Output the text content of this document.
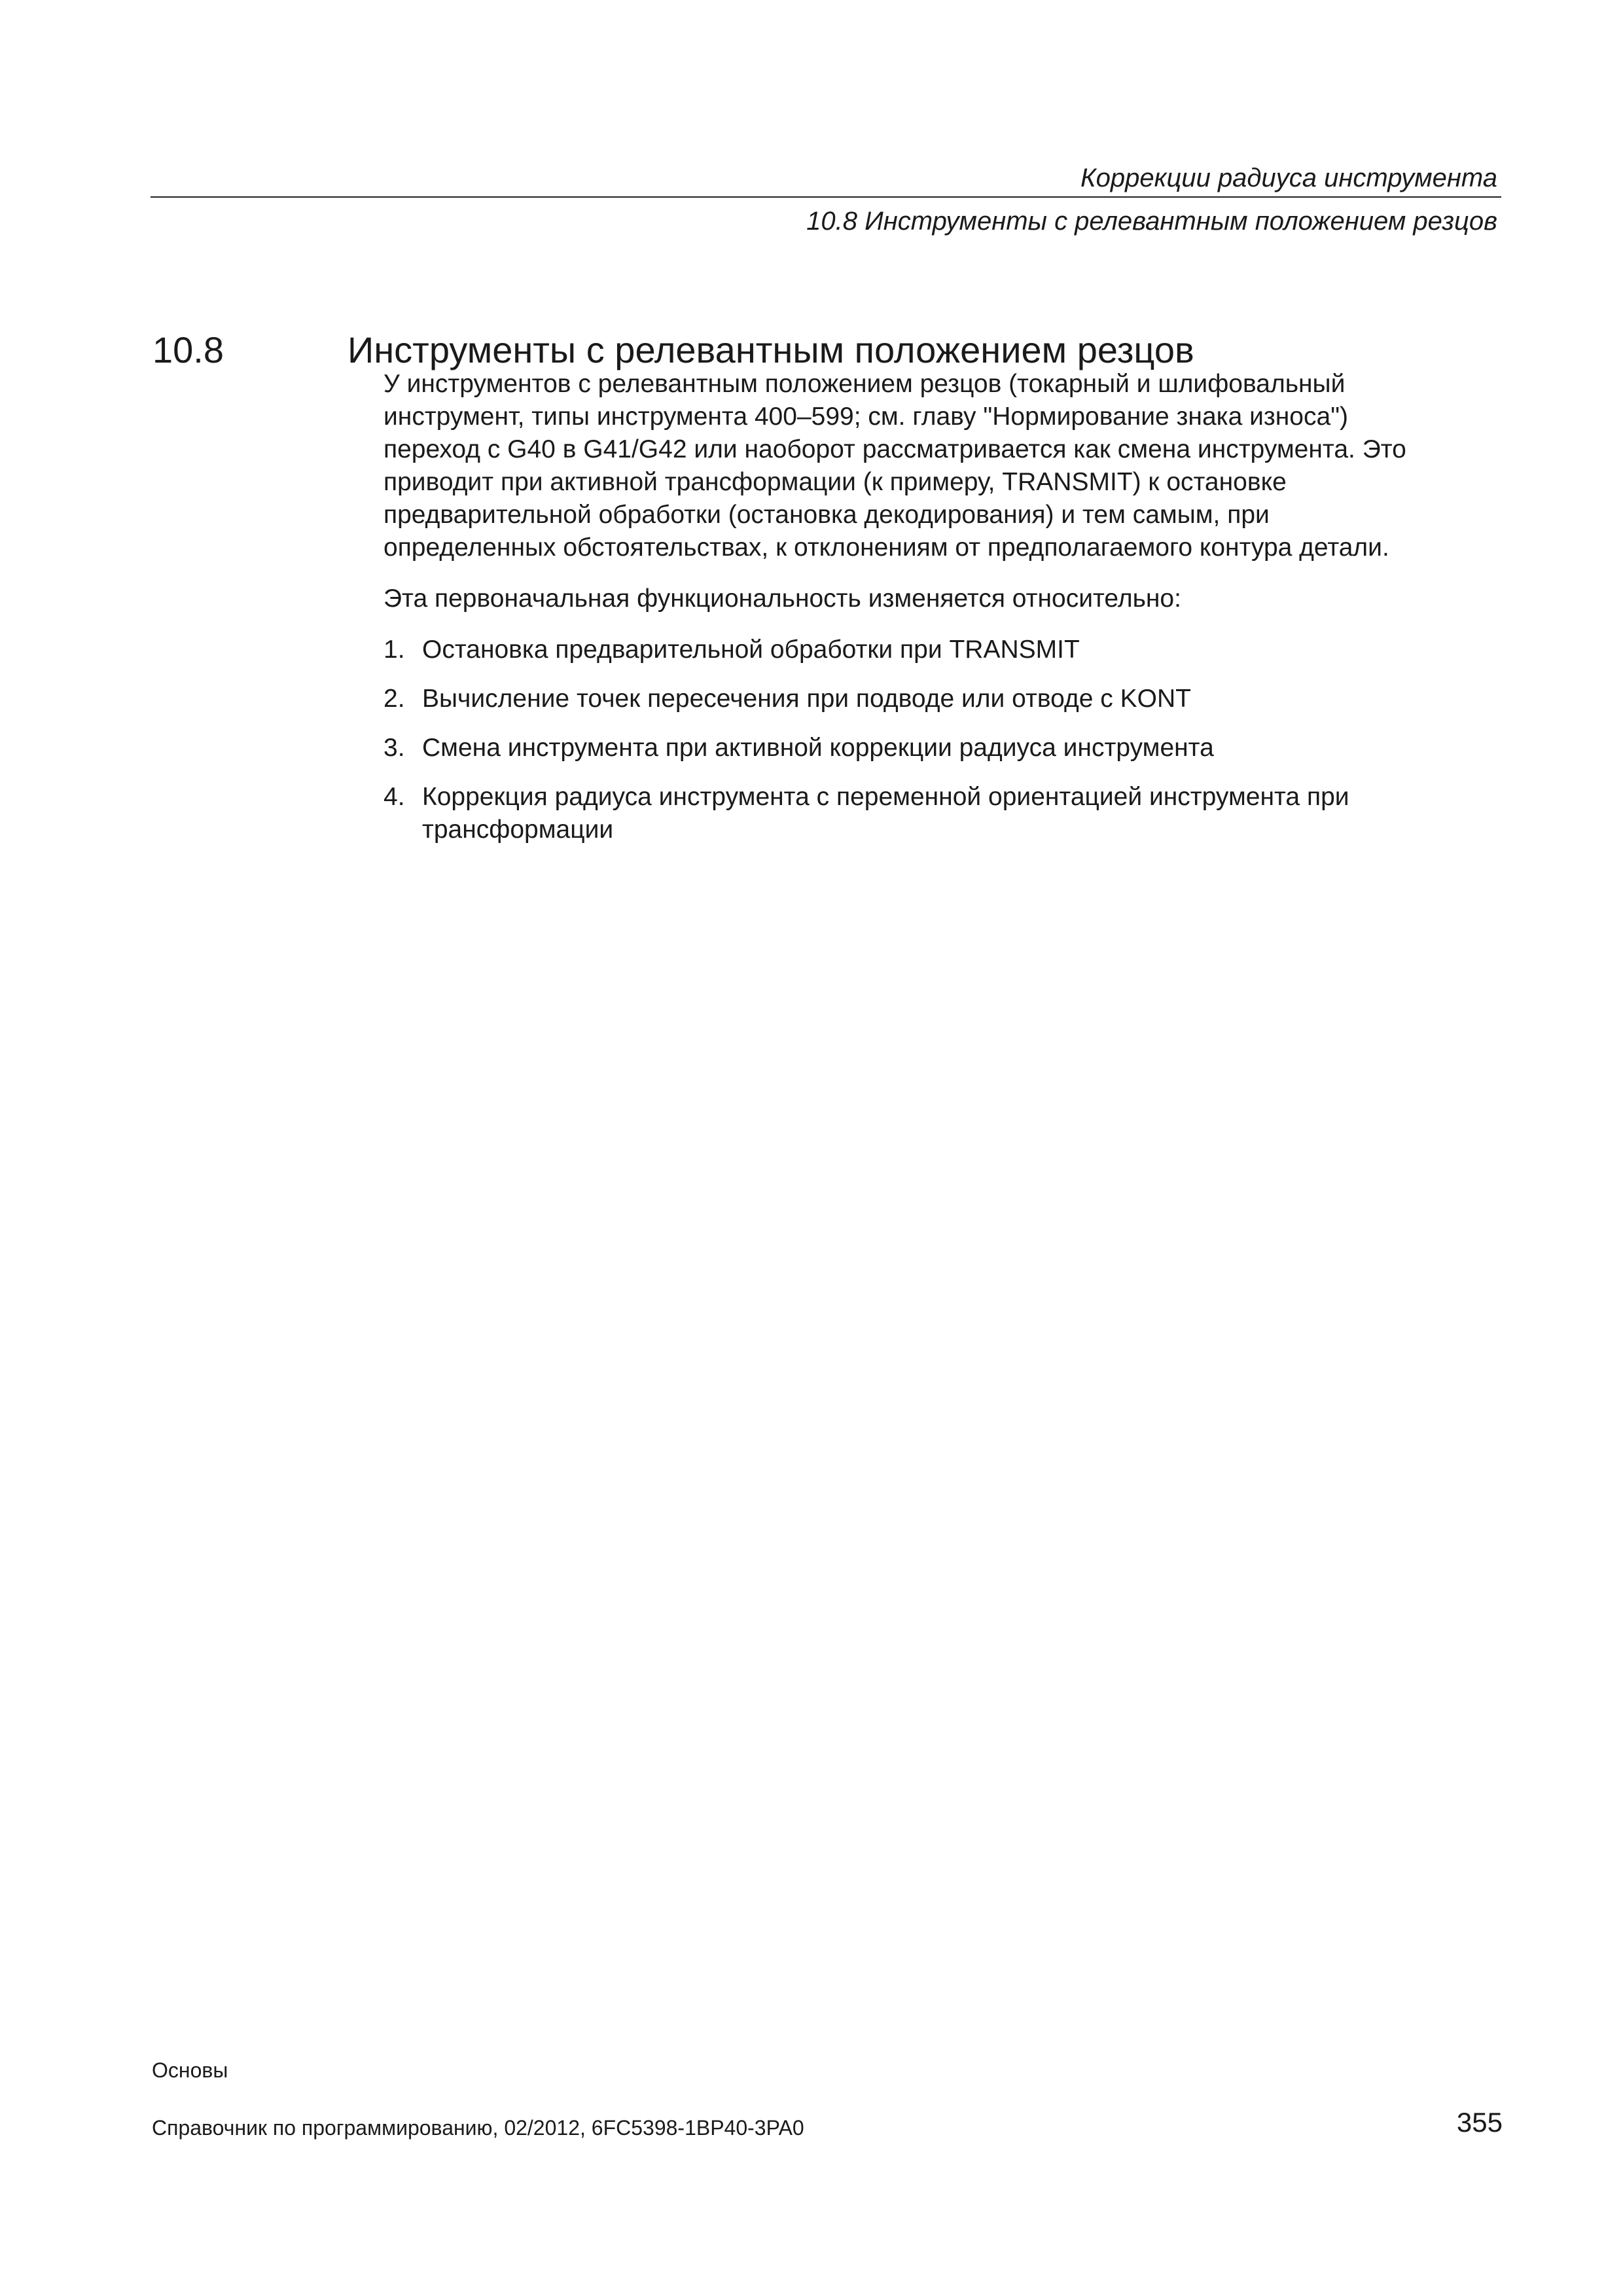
Коррекции радиуса инструмента
10.8 Инструменты с релевантным положением резцов
10.8	Инструменты с релевантным положением резцов

У инструментов с релевантным положением резцов (токарный и шлифовальный
инструмент, типы инструмента 400–599; см. главу "Нормирование знака износа")
переход с G40 в G41/G42 или наоборот рассматривается как смена инструмента. Это
приводит при активной трансформации (к примеру, TRANSMIT) к остановке
предварительной обработки (остановка декодирования) и тем самым, при
определенных обстоятельствах, к отклонениям от предполагаемого контура детали.

Эта первоначальная функциональность изменяется относительно:

1. Остановка предварительной обработки при TRANSMIT
2. Вычисление точек пересечения при подводе или отводе с KONT
3. Смена инструмента при активной коррекции радиуса инструмента
4. Коррекция радиуса инструмента с переменной ориентацией инструмента при
трансформации
Основы
Справочник по программированию, 02/2012, 6FC5398-1BP40-3PA0	355
